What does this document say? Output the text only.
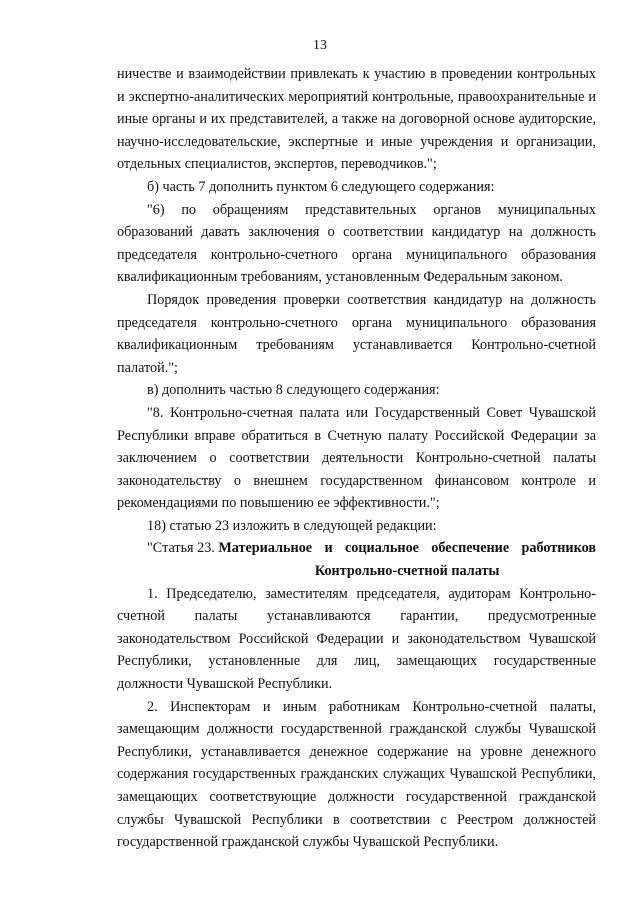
13

ничестве и взаимодействии привлекать к участию в проведении контрольных и экспертно-аналитических мероприятий контрольные, правоохранительные и иные органы и их представителей, а также на договорной основе аудиторские, научно-исследовательские, экспертные и иные учреждения и организации, отдельных специалистов, экспертов, переводчиков.";

б) часть 7 дополнить пунктом 6 следующего содержания:

"6) по обращениям представительных органов муниципальных образований давать заключения о соответствии кандидатур на должность председателя контрольно-счетного органа муниципального образования квалификационным требованиям, установленным Федеральным законом.

Порядок проведения проверки соответствия кандидатур на должность председателя контрольно-счетного органа муниципального образования квалификационным требованиям устанавливается Контрольно-счетной палатой.";

в) дополнить частью 8 следующего содержания:

"8. Контрольно-счетная палата или Государственный Совет Чувашской Республики вправе обратиться в Счетную палату Российской Федерации за заключением о соответствии деятельности Контрольно-счетной палаты законодательству о внешнем государственном финансовом контроле и рекомендациями по повышению ее эффективности.";

18) статью 23 изложить в следующей редакции:

"Статья 23. Материальное и социальное обеспечение работников Контрольно-счетной палаты

1. Председателю, заместителям председателя, аудиторам Контрольно-счетной палаты устанавливаются гарантии, предусмотренные законодательством Российской Федерации и законодательством Чувашской Республики, установленные для лиц, замещающих государственные должности Чувашской Республики.

2. Инспекторам и иным работникам Контрольно-счетной палаты, замещающим должности государственной гражданской службы Чувашской Республики, устанавливается денежное содержание на уровне денежного содержания государственных гражданских служащих Чувашской Республики, замещающих соответствующие должности государственной гражданской службы Чувашской Республики в соответствии с Реестром должностей государственной гражданской службы Чувашской Республики.
